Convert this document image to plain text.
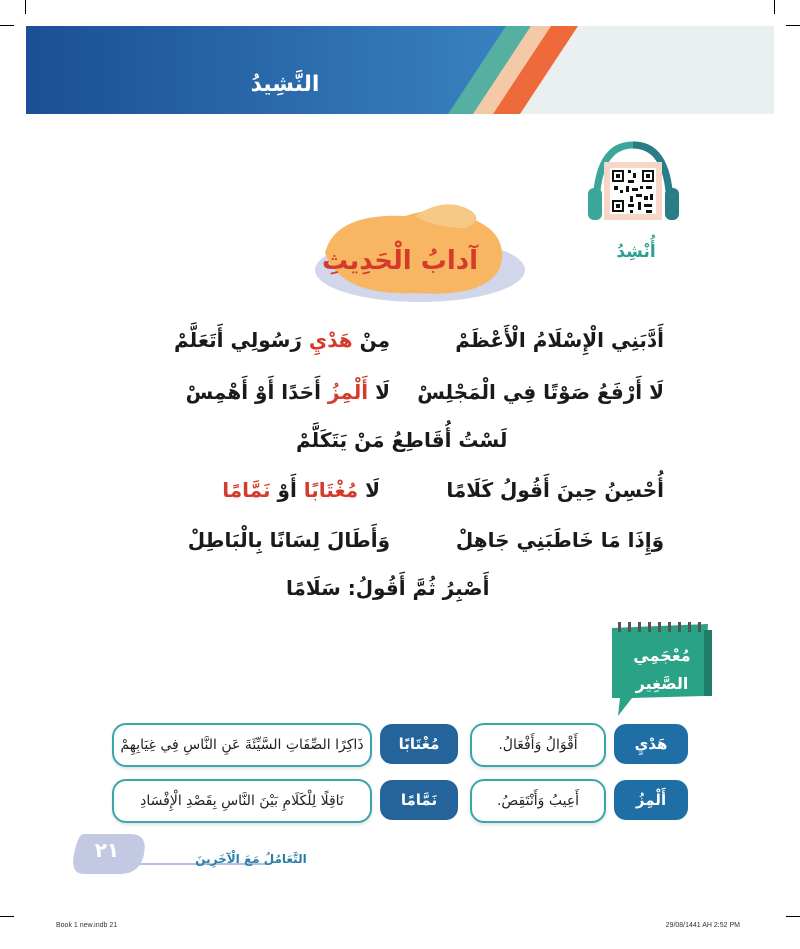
النَّشِيدُ
أُنْشِدُ
آدابُ الْحَدِيثِ
أَدَّبَنِي الْإِسْلَامُ الْأَعْظَمْ
مِنْ هَدْيِ رَسُولِي أَتَعَلَّمْ
لَا أَرْفَعُ صَوْتًا فِي الْمَجْلِسْ
لَا أَلْمِزُ أَحَدًا أَوْ أَهْمِسْ
لَسْتُ أُقَاطِعُ مَنْ يَتَكَلَّمْ
أُحْسِنُ حِينَ أَقُولُ كَلَامًا
لَا مُغْتَابًا أَوْ نَمَّامًا
وَإِذَا مَا خَاطَبَنِي جَاهِلْ
وَأَطَالَ لِسَانًا بِالْبَاطِلْ
أَصْبِرُ ثُمَّ أَقُولُ: سَلَامًا
مُعْجَمِي
الصَّغِير
هَدْيِ
أَقْوَالُ وَأَفْعَالُ.
مُغْتَابًا
ذَاكِرًا الصِّفَاتِ السَّيِّئَةَ عَنِ النَّاسِ فِي غِيَابِهِمْ
أَلْمِزُ
أَعِيبُ وَأَنْتَقِصُ.
نَمَّامًا
نَاقِلًا لِلْكَلَامِ بَيْنَ النَّاسِ بِقَصْدِ الْإِفْسَادِ
٢١	التَّعَامُلُ مَعَ الْآخَرِينَ
Book 1 new.indb 21	29/08/1441 AH 2:52 PM
